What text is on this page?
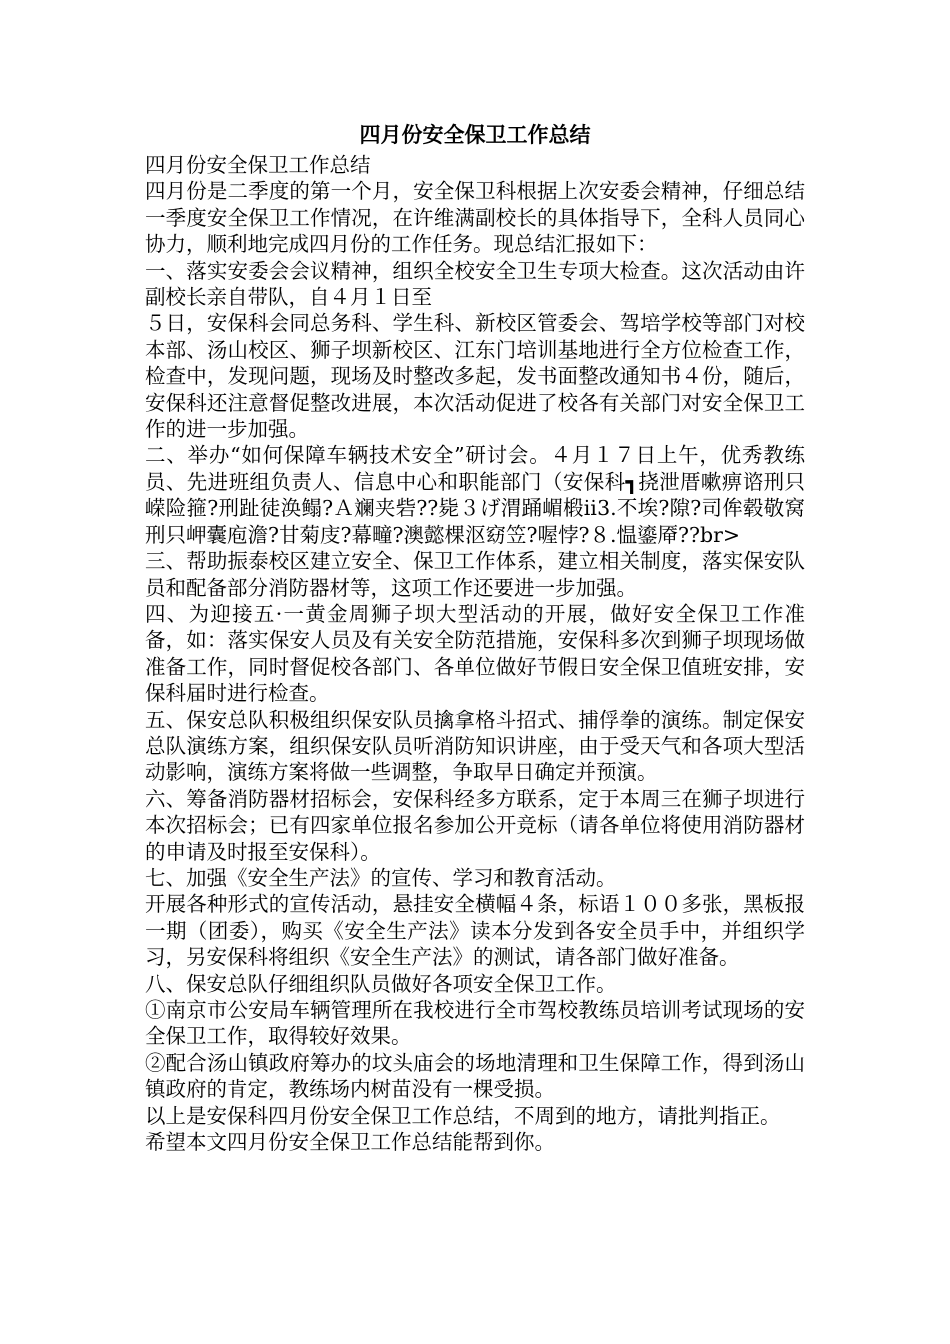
四月份安全保卫工作总结

四月份安全保卫工作总结

四月份是二季度的第一个月，安全保卫科根据上次安委会精神，仔细总结一季度安全保卫工作情况，在许维满副校长的具体指导下，全科人员同心协力，顺利地完成四月份的工作任务。现总结汇报如下：

一、落实安委会会议精神，组织全校安全卫生专项大检查。这次活动由许副校长亲自带队，自４月１日至

５日，安保科会同总务科、学生科、新校区管委会、驾培学校等部门对校本部、汤山校区、狮子坝新校区、江东门培训基地进行全方位检查工作，检查中，发现问题，现场及时整改多起，发书面整改通知书４份，随后，安保科还注意督促整改进展，本次活动促进了校各有关部门对安全保卫工作的进一步加强。

二、举办“如何保障车辆技术安全”研讨会。４月１７日上午，优秀教练员、先进班组负责人、信息中心和职能部门（安保科┓挠泄厝嗽痹谘刑只嵘险箍?刑趾徒涣鳎?Ａ斓夹砦??毙３げ渭踊嵋椴ⅱ3.不埃?隙?司侔毂敬窝刑只岬囊庖澹?甘菊庋?幕疃?澳懿棵沤窈笠?喔悖?８.愠鎏厣??br>

三、帮助振泰校区建立安全、保卫工作体系，建立相关制度，落实保安队员和配备部分消防器材等，这项工作还要进一步加强。

四、为迎接五·一黄金周狮子坝大型活动的开展，做好安全保卫工作准备，如：落实保安人员及有关安全防范措施，安保科多次到狮子坝现场做准备工作，同时督促校各部门、各单位做好节假日安全保卫值班安排，安保科届时进行检查。

五、保安总队积极组织保安队员擒拿格斗招式、捕俘拳的演练。制定保安总队演练方案，组织保安队员听消防知识讲座，由于受天气和各项大型活动影响，演练方案将做一些调整，争取早日确定并预演。

六、筹备消防器材招标会，安保科经多方联系，定于本周三在狮子坝进行本次招标会；已有四家单位报名参加公开竞标（请各单位将使用消防器材的申请及时报至安保科）。

七、加强《安全生产法》的宣传、学习和教育活动。

开展各种形式的宣传活动，悬挂安全横幅４条，标语１００多张，黑板报一期（团委），购买《安全生产法》读本分发到各安全员手中，并组织学习，另安保科将组织《安全生产法》的测试，请各部门做好准备。

八、保安总队仔细组织队员做好各项安全保卫工作。

①南京市公安局车辆管理所在我校进行全市驾校教练员培训考试现场的安全保卫工作，取得较好效果。

②配合汤山镇政府筹办的坟头庙会的场地清理和卫生保障工作，得到汤山镇政府的肯定，教练场内树苗没有一棵受损。

以上是安保科四月份安全保卫工作总结，不周到的地方，请批判指正。

希望本文四月份安全保卫工作总结能帮到你。
